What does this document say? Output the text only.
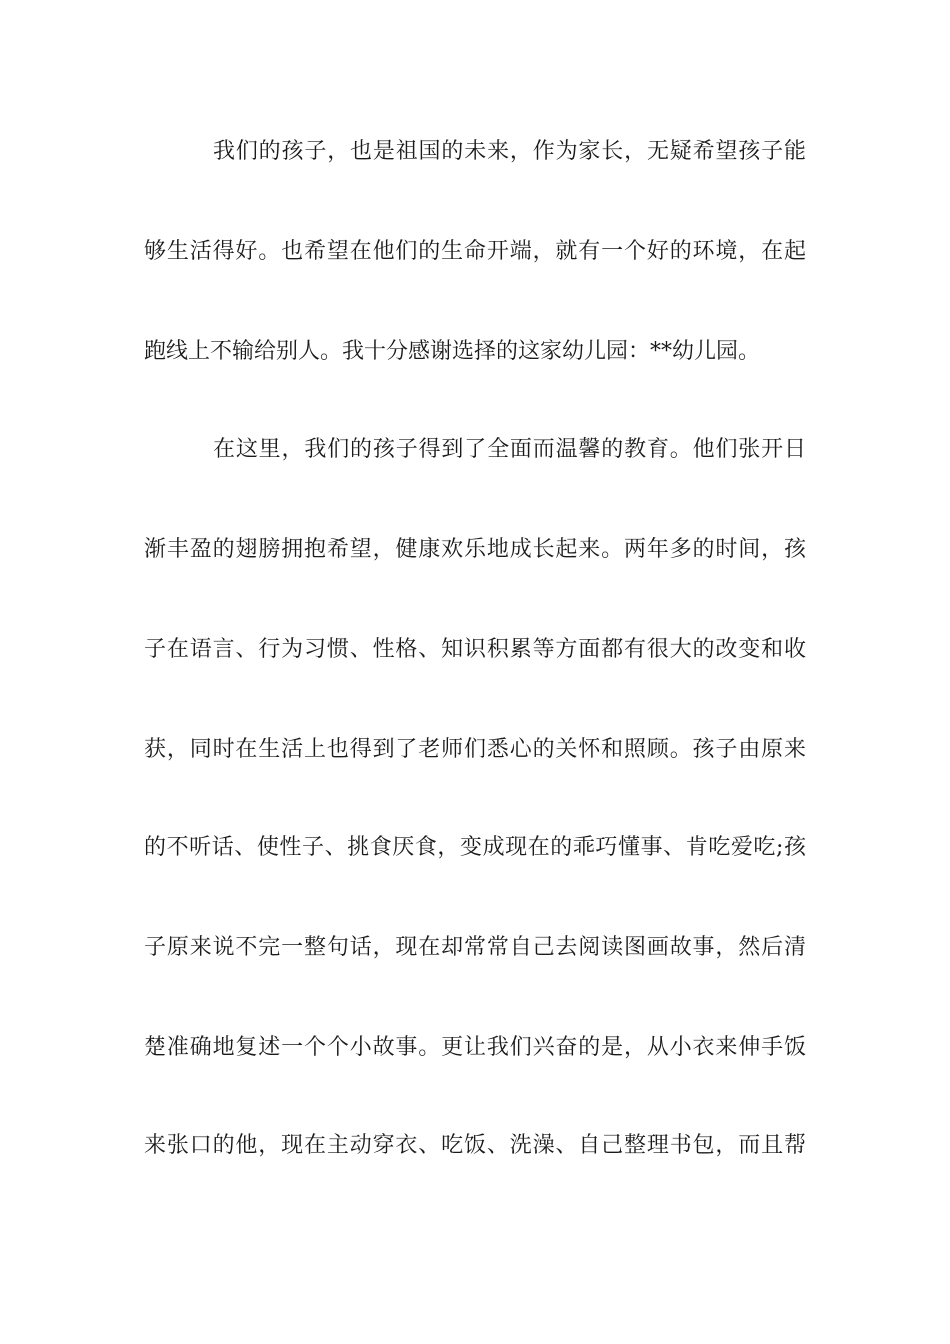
我们的孩子，也是祖国的未来，作为家长，无疑希望孩子能
够生活得好。也希望在他们的生命开端，就有一个好的环境，在起
跑线上不输给别人。我十分感谢选择的这家幼儿园：**幼儿园。
在这里，我们的孩子得到了全面而温馨的教育。他们张开日
渐丰盈的翅膀拥抱希望，健康欢乐地成长起来。两年多的时间，孩
子在语言、行为习惯、性格、知识积累等方面都有很大的改变和收
获，同时在生活上也得到了老师们悉心的关怀和照顾。孩子由原来
的不听话、使性子、挑食厌食，变成现在的乖巧懂事、肯吃爱吃;孩
子原来说不完一整句话，现在却常常自己去阅读图画故事，然后清
楚准确地复述一个个小故事。更让我们兴奋的是，从小衣来伸手饭
来张口的他，现在主动穿衣、吃饭、洗澡、自己整理书包，而且帮
